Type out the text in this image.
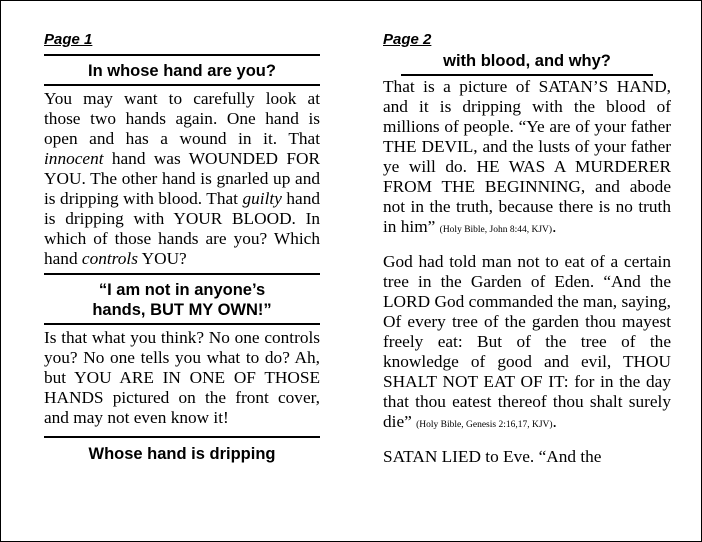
Page 1
In whose hand are you?
You may want to carefully look at those two hands again. One hand is open and has a wound in it. That innocent hand was WOUNDED FOR YOU. The other hand is gnarled up and is dripping with blood. That guilty hand is dripping with YOUR BLOOD. In which of those hands are you? Which hand controls YOU?
“I am not in anyone’s
hands, BUT MY OWN!”
Is that what you think? No one controls you? No one tells you what to do? Ah, but YOU ARE IN ONE OF THOSE HANDS pictured on the front cover, and may not even know it!
Whose hand is dripping
Page 2
with blood, and why?
That is a picture of SATAN’S HAND, and it is dripping with the blood of millions of people. “Ye are of your father THE DEVIL, and the lusts of your father ye will do. HE WAS A MURDERER FROM THE BEGINNING, and abode not in the truth, because there is no truth in him” (Holy Bible, John 8:44, KJV).
God had told man not to eat of a certain tree in the Garden of Eden. “And the LORD God commanded the man, saying, Of every tree of the garden thou mayest freely eat: But of the tree of the knowledge of good and evil, THOU SHALT NOT EAT OF IT: for in the day that thou eatest thereof thou shalt surely die” (Holy Bible, Genesis 2:16,17, KJV).
SATAN LIED to Eve. “And the
